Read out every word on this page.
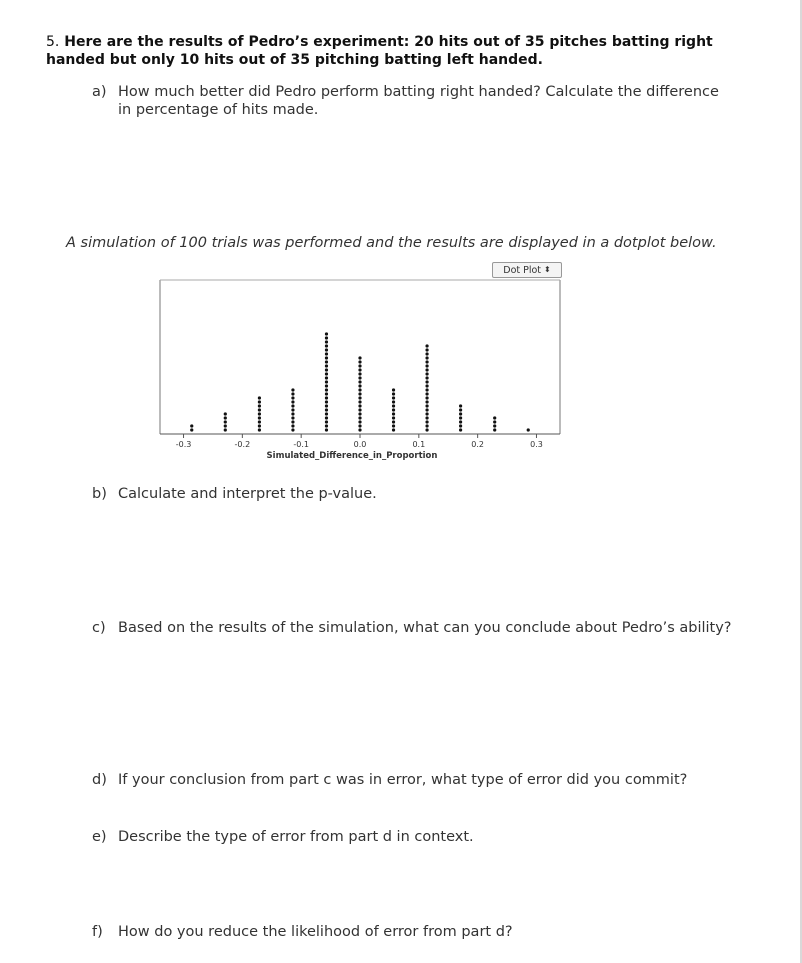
5. Here are the results of Pedro’s experiment: 20 hits out of 35 pitches batting right handed but only 10 hits out of 35 pitching batting left handed.
a) How much better did Pedro perform batting right handed? Calculate the difference in percentage of hits made.
A simulation of 100 trials was performed and the results are displayed in a dotplot below.
-0.3	-0.2	-0.1	0.0	0.1	0.2	0.3
Simulated_Difference_in_Proportion
Dot Plot ⬍
b) Calculate and interpret the p-value.
c) Based on the results of the simulation, what can you conclude about Pedro’s ability?
d) If your conclusion from part c was in error, what type of error did you commit?
e) Describe the type of error from part d in context.
f)	How do you reduce the likelihood of error from part d?
